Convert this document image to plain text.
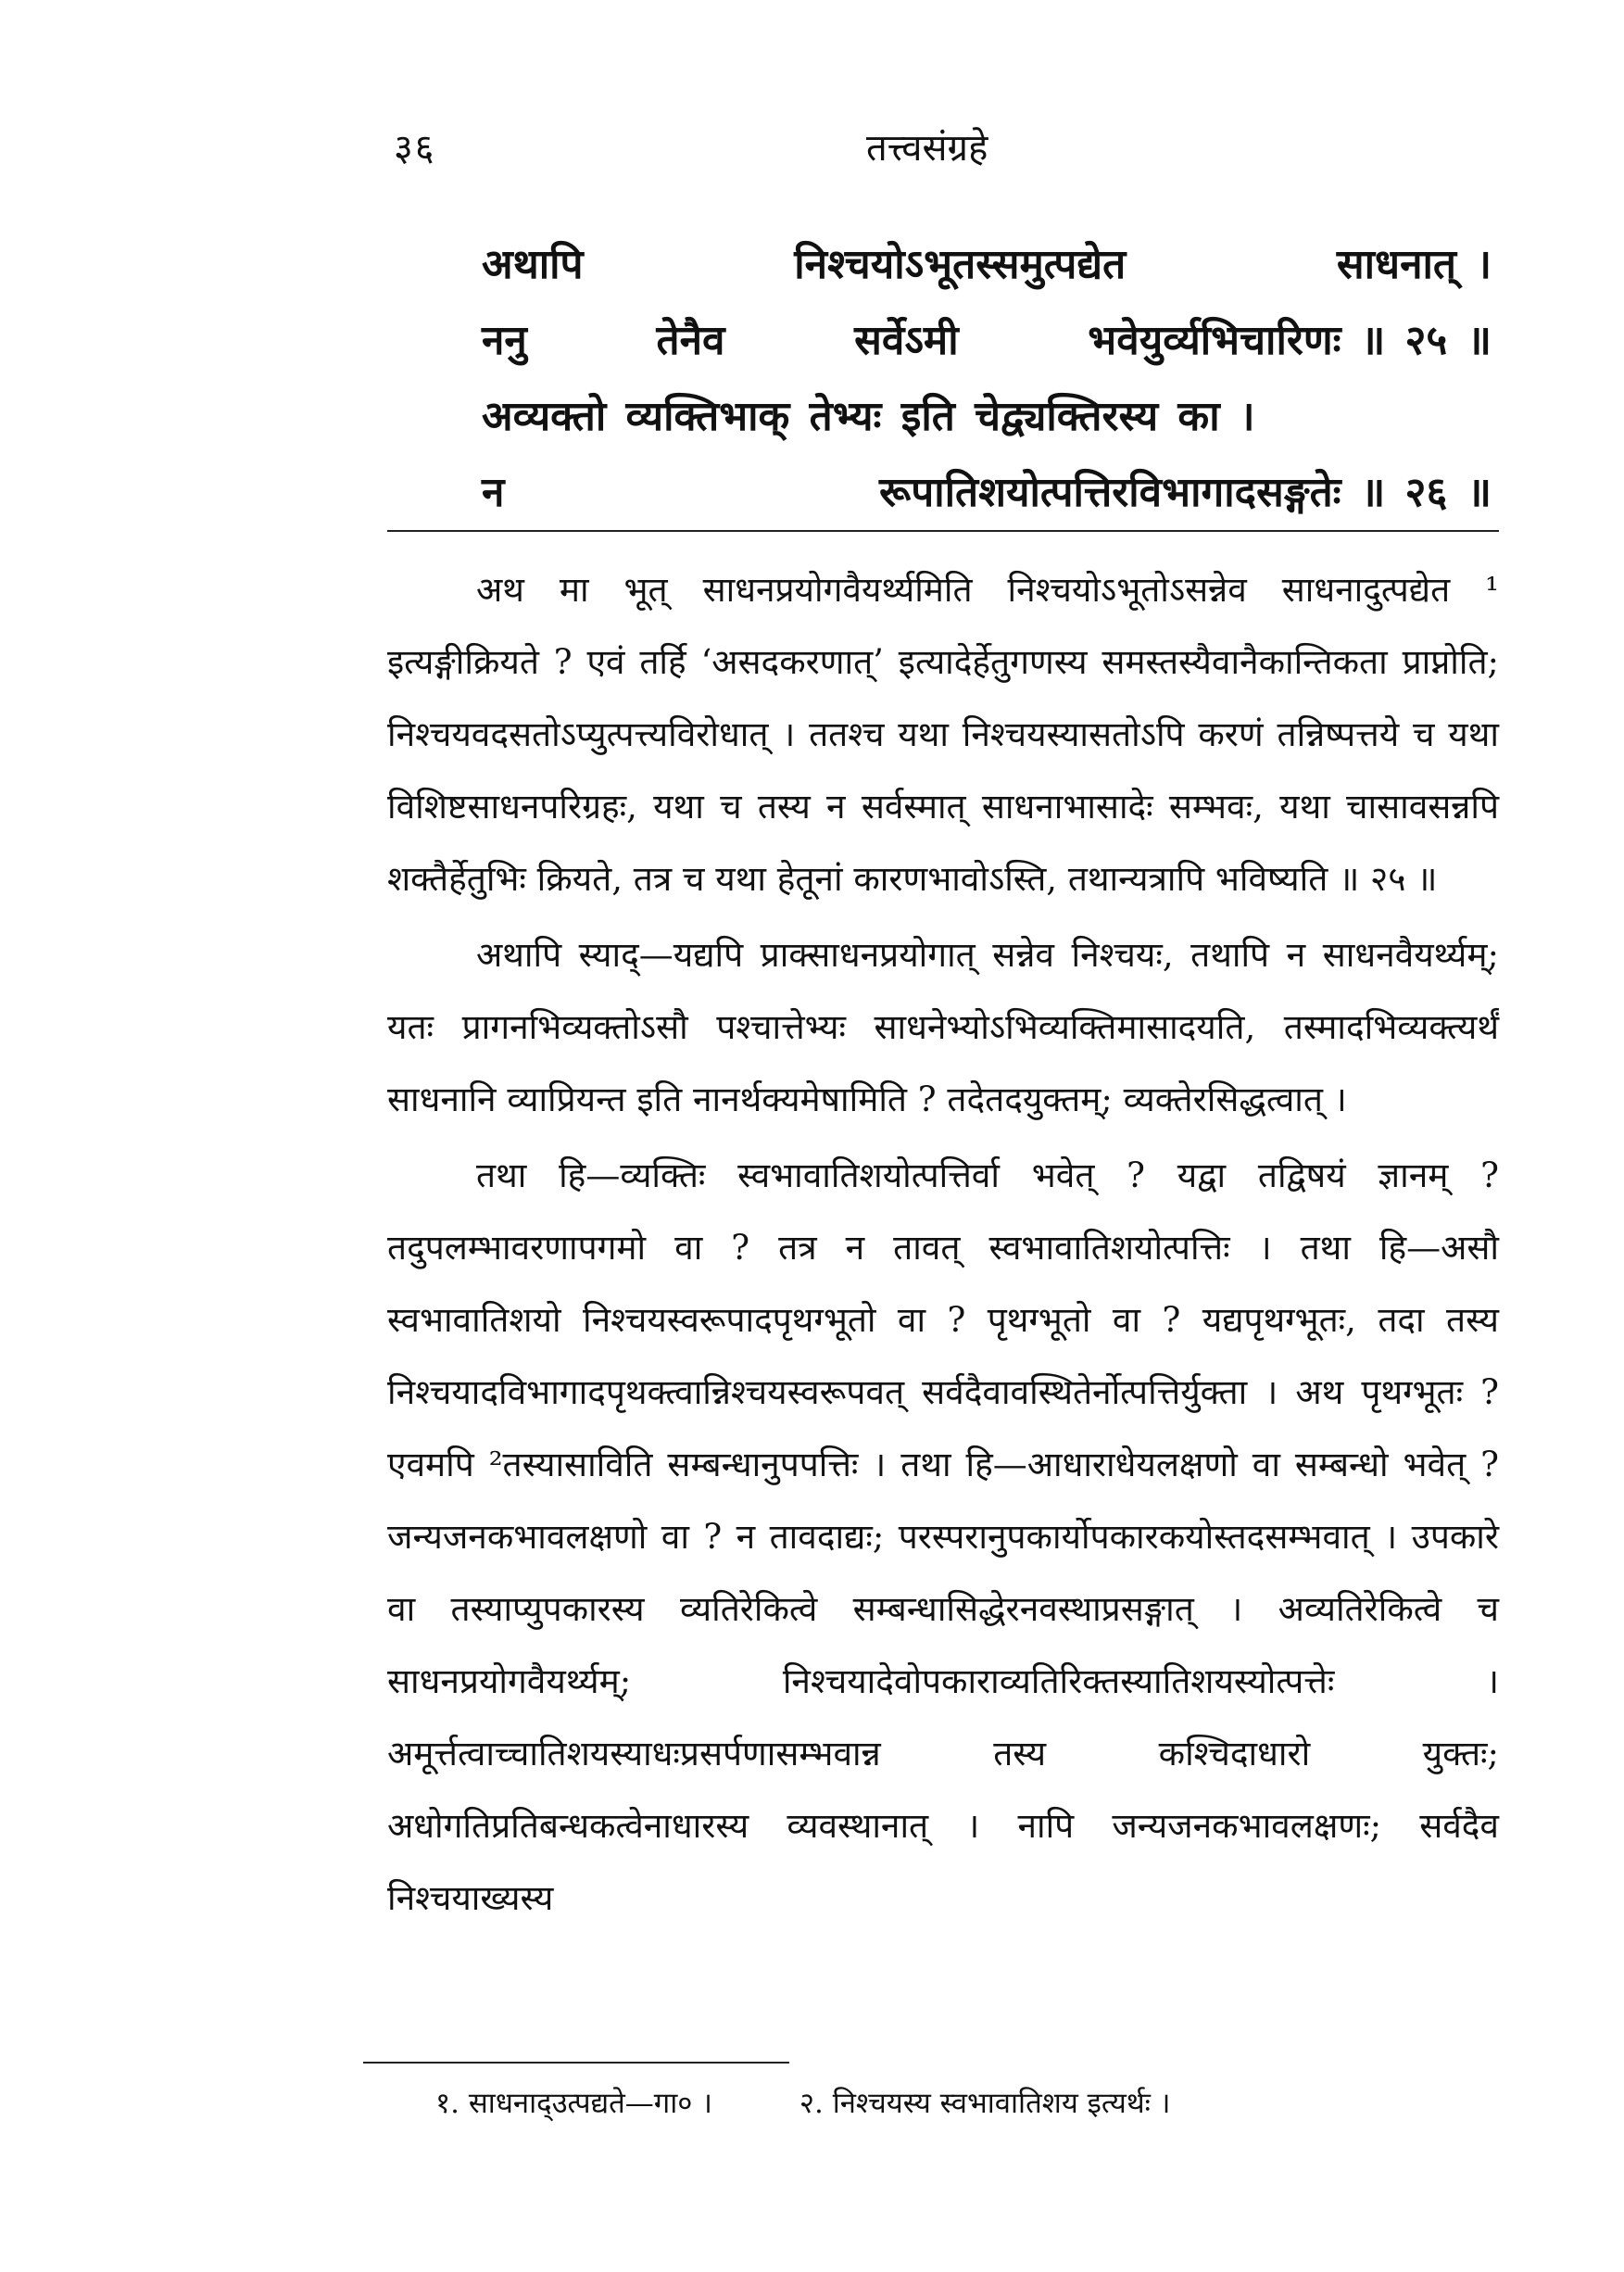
३६	तत्त्वसंग्रहे
अथापि	निश्चयोऽभूतस्समुत्पद्येत	साधनात् ।
ननु	तेनैव	सर्वेऽमी	भवेयुर्व्यभिचारिणः ॥ २५ ॥
अव्यक्तो व्यक्तिभाक् तेभ्यः इति चेद्व्यक्तिरस्य का ।
न	रूपातिशयोत्पत्तिरविभागादसङ्गतेः ॥ २६ ॥

अथ मा भूत् साधनप्रयोगवैयर्थ्यमिति निश्चयोऽभूतोऽसन्नेव साधनादुत्पद्येत ¹ इत्यङ्गीक्रियते ? एवं तर्हि ‘असदकरणात्’ इत्यादेर्हेतुगणस्य समस्तस्यैवानैकान्तिकता प्राप्नोति; निश्चयवदसतोऽप्युत्पत्त्यविरोधात् । ततश्च यथा निश्चयस्यासतोऽपि करणं तन्निष्पत्तये च यथा विशिष्टसाधनपरिग्रहः, यथा च तस्य न सर्वस्मात् साधनाभासादेः सम्भवः, यथा चासावसन्नपि शक्तैर्हेतुभिः क्रियते, तत्र च यथा हेतूनां कारणभावोऽस्ति, तथान्यत्रापि भविष्यति ॥ २५ ॥

अथापि स्याद्—यद्यपि प्राक्साधनप्रयोगात् सन्नेव निश्चयः, तथापि न साधनवैयर्थ्यम्; यतः प्रागनभिव्यक्तोऽसौ पश्चात्तेभ्यः साधनेभ्योऽभिव्यक्तिमासादयति, तस्मादभिव्यक्त्यर्थं साधनानि व्याप्रियन्त इति नानर्थक्यमेषामिति ? तदेतदयुक्तम्; व्यक्तेरसिद्धत्वात् ।

तथा हि—व्यक्तिः स्वभावातिशयोत्पत्तिर्वा भवेत् ? यद्वा तद्विषयं ज्ञानम् ? तदुपलम्भावरणापगमो वा ? तत्र न तावत् स्वभावातिशयोत्पत्तिः । तथा हि—असौ स्वभावातिशयो निश्चयस्वरूपादपृथग्भूतो वा ? पृथग्भूतो वा ? यद्यपृथग्भूतः, तदा तस्य निश्चयादविभागादपृथक्त्वान्निश्चयस्वरूपवत् सर्वदैवावस्थितेर्नोत्पत्तिर्युक्ता । अथ पृथग्भूतः ? एवमपि ²तस्यासाविति सम्बन्धानुपपत्तिः । तथा हि—आधाराधेयलक्षणो वा सम्बन्धो भवेत् ? जन्यजनकभावलक्षणो वा ? न तावदाद्यः; परस्परानुपकार्योपकारकयोस्तदसम्भवात् । उपकारे वा तस्याप्युपकारस्य व्यतिरेकित्वे सम्बन्धासिद्धेरनवस्थाप्रसङ्गात् । अव्यतिरेकित्वे च साधनप्रयोगवैयर्थ्यम्; निश्चयादेवोपकाराव्यतिरिक्तस्यातिशयस्योत्पत्तेः । अमूर्त्तत्वाच्चातिशयस्याधःप्रसर्पणासम्भवान्न तस्य कश्चिदाधारो युक्तः; अधोगतिप्रतिबन्धकत्वेनाधारस्य व्यवस्थानात् । नापि जन्यजनकभावलक्षणः; सर्वदैव निश्चयाख्यस्य

१. साधनाद्उत्पद्यते—गा० ।	२. निश्चयस्य स्वभावातिशय इत्यर्थः ।
